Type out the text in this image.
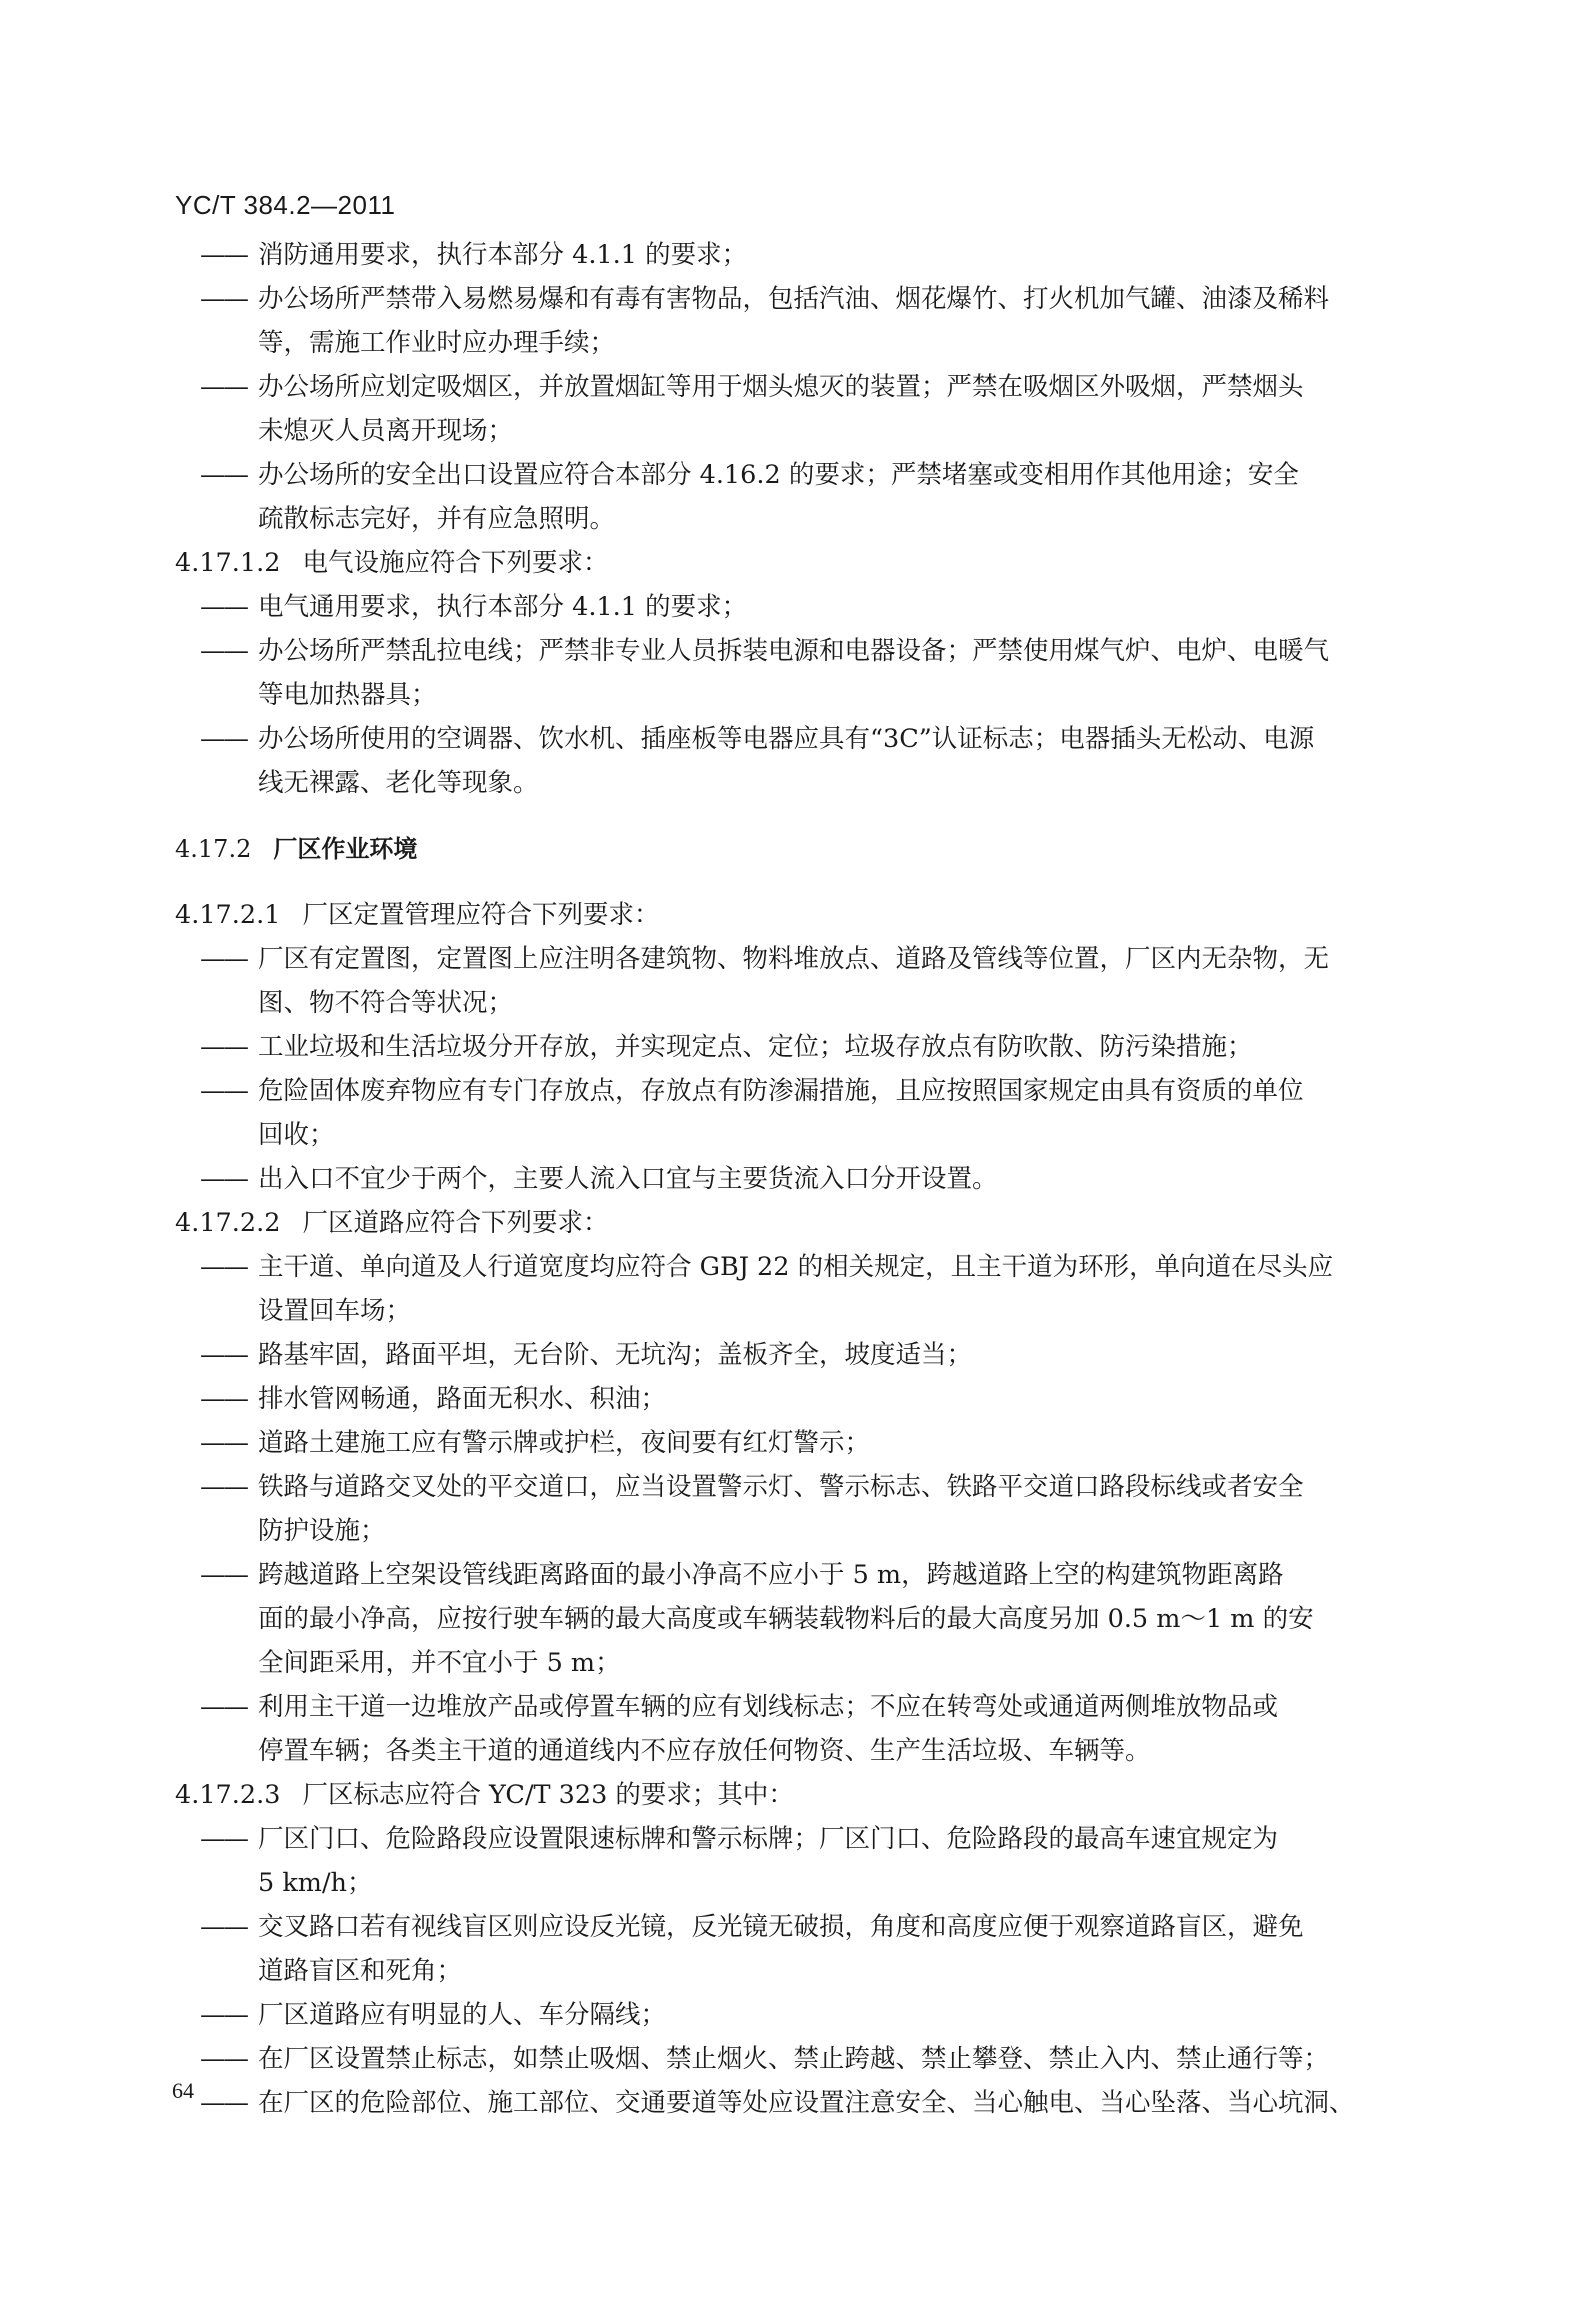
YC/T 384.2—2011
—— 消防通用要求，执行本部分 4.1.1 的要求；
—— 办公场所严禁带入易燃易爆和有毒有害物品，包括汽油、烟花爆竹、打火机加气罐、油漆及稀料
等，需施工作业时应办理手续；
—— 办公场所应划定吸烟区，并放置烟缸等用于烟头熄灭的装置；严禁在吸烟区外吸烟，严禁烟头
未熄灭人员离开现场；
—— 办公场所的安全出口设置应符合本部分 4.16.2 的要求；严禁堵塞或变相用作其他用途；安全
疏散标志完好，并有应急照明。
4.17.1.2 电气设施应符合下列要求：
—— 电气通用要求，执行本部分 4.1.1 的要求；
—— 办公场所严禁乱拉电线；严禁非专业人员拆装电源和电器设备；严禁使用煤气炉、电炉、电暖气
等电加热器具；
—— 办公场所使用的空调器、饮水机、插座板等电器应具有“3C”认证标志；电器插头无松动、电源
线无裸露、老化等现象。
4.17.2 厂区作业环境
4.17.2.1 厂区定置管理应符合下列要求：
—— 厂区有定置图，定置图上应注明各建筑物、物料堆放点、道路及管线等位置，厂区内无杂物，无
图、物不符合等状况；
—— 工业垃圾和生活垃圾分开存放，并实现定点、定位；垃圾存放点有防吹散、防污染措施；
—— 危险固体废弃物应有专门存放点，存放点有防渗漏措施，且应按照国家规定由具有资质的单位
回收；
—— 出入口不宜少于两个，主要人流入口宜与主要货流入口分开设置。
4.17.2.2 厂区道路应符合下列要求：
—— 主干道、单向道及人行道宽度均应符合 GBJ 22 的相关规定，且主干道为环形，单向道在尽头应
设置回车场；
—— 路基牢固，路面平坦，无台阶、无坑沟；盖板齐全，坡度适当；
—— 排水管网畅通，路面无积水、积油；
—— 道路土建施工应有警示牌或护栏，夜间要有红灯警示；
—— 铁路与道路交叉处的平交道口，应当设置警示灯、警示标志、铁路平交道口路段标线或者安全
防护设施；
—— 跨越道路上空架设管线距离路面的最小净高不应小于 5 m，跨越道路上空的构建筑物距离路
面的最小净高，应按行驶车辆的最大高度或车辆装载物料后的最大高度另加 0.5 m～1 m 的安
全间距采用，并不宜小于 5 m；
—— 利用主干道一边堆放产品或停置车辆的应有划线标志；不应在转弯处或通道两侧堆放物品或
停置车辆；各类主干道的通道线内不应存放任何物资、生产生活垃圾、车辆等。
4.17.2.3 厂区标志应符合 YC/T 323 的要求；其中：
—— 厂区门口、危险路段应设置限速标牌和警示标牌；厂区门口、危险路段的最高车速宜规定为
5 km/h；
—— 交叉路口若有视线盲区则应设反光镜，反光镜无破损，角度和高度应便于观察道路盲区，避免
道路盲区和死角；
—— 厂区道路应有明显的人、车分隔线；
—— 在厂区设置禁止标志，如禁止吸烟、禁止烟火、禁止跨越、禁止攀登、禁止入内、禁止通行等；
—— 在厂区的危险部位、施工部位、交通要道等处应设置注意安全、当心触电、当心坠落、当心坑洞、
64
